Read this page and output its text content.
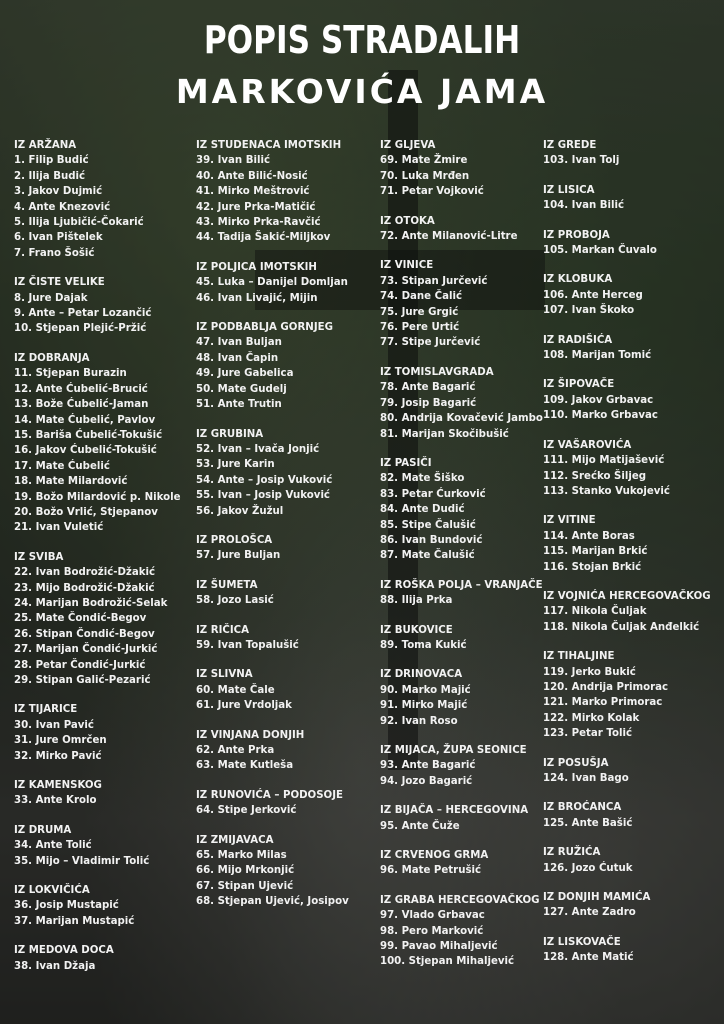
POPIS STRADALIH
MARKOVIĆA JAMA
IZ ARŽANA
1. Filip Budić
2. Ilija Budić
3. Jakov Dujmić
4. Ante Knezović
5. Ilija Ljubičić-Čokarić
6. Ivan Pištelek
7. Frano Šošić
IZ ČISTE VELIKE
8. Jure Dajak
9. Ante – Petar Lozančić
10. Stjepan Plejić-Pržić
IZ DOBRANJA
11. Stjepan Burazin
12. Ante Ćubelić-Brucić
13. Bože Ćubelić-Jaman
14. Mate Ćubelić, Pavlov
15. Bariša Ćubelić-Tokušić
16. Jakov Ćubelić-Tokušić
17. Mate Ćubelić
18. Mate Milardović
19. Božo Milardović p. Nikole
20. Božo Vrlić, Stjepanov
21. Ivan Vuletić
IZ SVIBA
22. Ivan Bodrožić-Džakić
23. Mijo Bodrožić-Džakić
24. Marijan Bodrožić-Selak
25. Mate Čondić-Begov
26. Stipan Čondić-Begov
27. Marijan Čondić-Jurkić
28. Petar Čondić-Jurkić
29. Stipan Galić-Pezarić
IZ TIJARICE
30. Ivan Pavić
31. Jure Omrčen
32. Mirko Pavić
IZ KAMENSKOG
33. Ante Krolo
IZ DRUMA
34. Ante Tolić
35. Mijo – Vladimir Tolić
IZ LOKVIČIĆA
36. Josip Mustapić
37. Marijan Mustapić
IZ MEDOVA DOCA
38. Ivan Džaja
IZ STUDENACA IMOTSKIH
39. Ivan Bilić
40. Ante Bilić-Nosić
41. Mirko Meštrović
42. Jure Prka-Matičić
43. Mirko Prka-Ravčić
44. Tadija Šakić-Miljkov
IZ POLJICA IMOTSKIH
45. Luka – Danijel Domljan
46. Ivan Livajić, Mijin
IZ PODBABLJA GORNJEG
47. Ivan Buljan
48. Ivan Čapin
49. Jure Gabelica
50. Mate Gudelj
51. Ante Trutin
IZ GRUBINA
52. Ivan – Ivača Jonjić
53. Jure Karin
54. Ante – Josip Vuković
55. Ivan – Josip Vuković
56. Jakov Žužul
IZ PROLOŠCA
57. Jure Buljan
IZ ŠUMETA
58. Jozo Lasić
IZ RIČICA
59. Ivan Topalušić
IZ SLIVNA
60. Mate Čale
61. Jure Vrdoljak
IZ VINJANA DONJIH
62. Ante Prka
63. Mate Kutleša
IZ RUNOVIĆA – PODOSOJE
64. Stipe Jerković
IZ ZMIJAVACA
65. Marko Milas
66. Mijo Mrkonjić
67. Stipan Ujević
68. Stjepan Ujević, Josipov
IZ GLJEVA
69. Mate Žmire
70. Luka Mrđen
71. Petar Vojković
IZ OTOKA
72. Ante Milanović-Litre
IZ VINICE
73. Stipan Jurčević
74. Dane Čalić
75. Jure Grgić
76. Pere Urtić
77. Stipe Jurčević
IZ TOMISLAVGRADA
78. Ante Bagarić
79. Josip Bagarić
80. Andrija Kovačević Jambo
81. Marijan Skočibušić
IZ PASIČI
82. Mate Šiško
83. Petar Ćurković
84. Ante Dudić
85. Stipe Čalušić
86. Ivan Bundović
87. Mate Čalušić
IZ ROŠKA POLJA – VRANJAČE
88. Ilija Prka
IZ BUKOVICE
89. Toma Kukić
IZ DRINOVACA
90. Marko Majić
91. Mirko Majić
92. Ivan Roso
IZ MIJACA, ŽUPA SEONICE
93. Ante Bagarić
94. Jozo Bagarić
IZ BIJAČA – HERCEGOVINA
95. Ante Čuže
IZ CRVENOG GRMA
96. Mate Petrušić
IZ GRABA HERCEGOVAČKOG
97. Vlado Grbavac
98. Pero Marković
99. Pavao Mihaljević
100. Stjepan Mihaljević
IZ GREDE
103. Ivan Tolj
IZ LISICA
104. Ivan Bilić
IZ PROBOJA
105. Markan Čuvalo
IZ KLOBUKA
106. Ante Herceg
107. Ivan Škoko
IZ RADIŠIĆA
108. Marijan Tomić
IZ ŠIPOVAČE
109. Jakov Grbavac
110. Marko Grbavac
IZ VAŠAROVIĆA
111. Mijo Matijašević
112. Srećko Šiljeg
113. Stanko Vukojević
IZ VITINE
114. Ante Boras
115. Marijan Brkić
116. Stojan Brkić
IZ VOJNIĆA HERCEGOVAČKOG
117. Nikola Čuljak
118. Nikola Čuljak Anđelkić
IZ TIHALJINE
119. Jerko Bukić
120. Andrija Primorac
121. Marko Primorac
122. Mirko Kolak
123. Petar Tolić
IZ POSUŠJA
124. Ivan Bago
IZ BROĆANCA
125. Ante Bašić
IZ RUŽIĆA
126. Jozo Ćutuk
IZ DONJIH MAMIĆA
127. Ante Zadro
IZ LISKOVAČE
128. Ante Matić
